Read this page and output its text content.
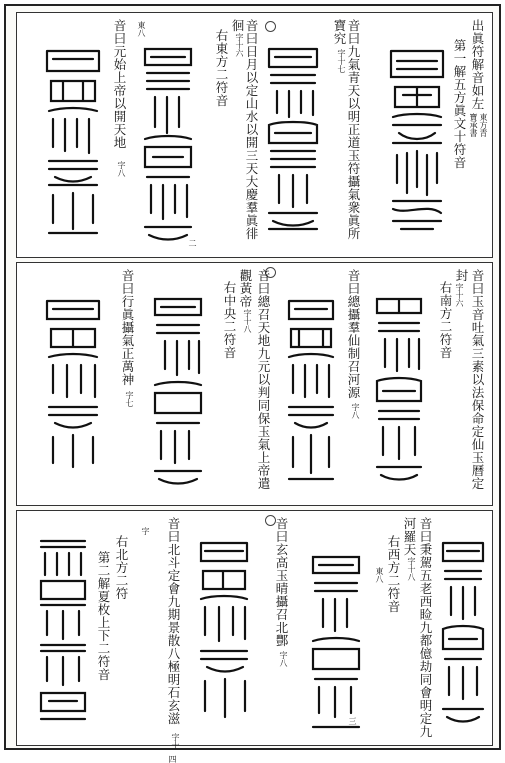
出眞符解音如左
東方青
寶承書
第一解五方眞文十符音
音曰九氣青天以明正道玉符攝氣衆眞所
寶究
字十七
音曰日月以定山水以開三天大慶羣眞徘
徊
字十六
右東方二符音
東八
音曰元始上帝以開天地
字八
二
音曰玉音吐氣三素以法保命定仙玉曆定
封
字十六
右南方二符音
音曰總攝羣仙制召河源
字八
音曰總召天地九元以判同保玉氣上帝遣
觀黃帝
字十八
右中央二符音
音曰行眞攝氣正萬神
字七
音曰秉駕五老西睑九都億劫同會明定九
河羅天
字十八
右西方二符音
東八
音曰玄高玉晴攝召北酆
字八
音曰北斗定會九期景散八極明石玄滋
字十
字
右北方二符
第二解夏枚上下二符音
三
四
